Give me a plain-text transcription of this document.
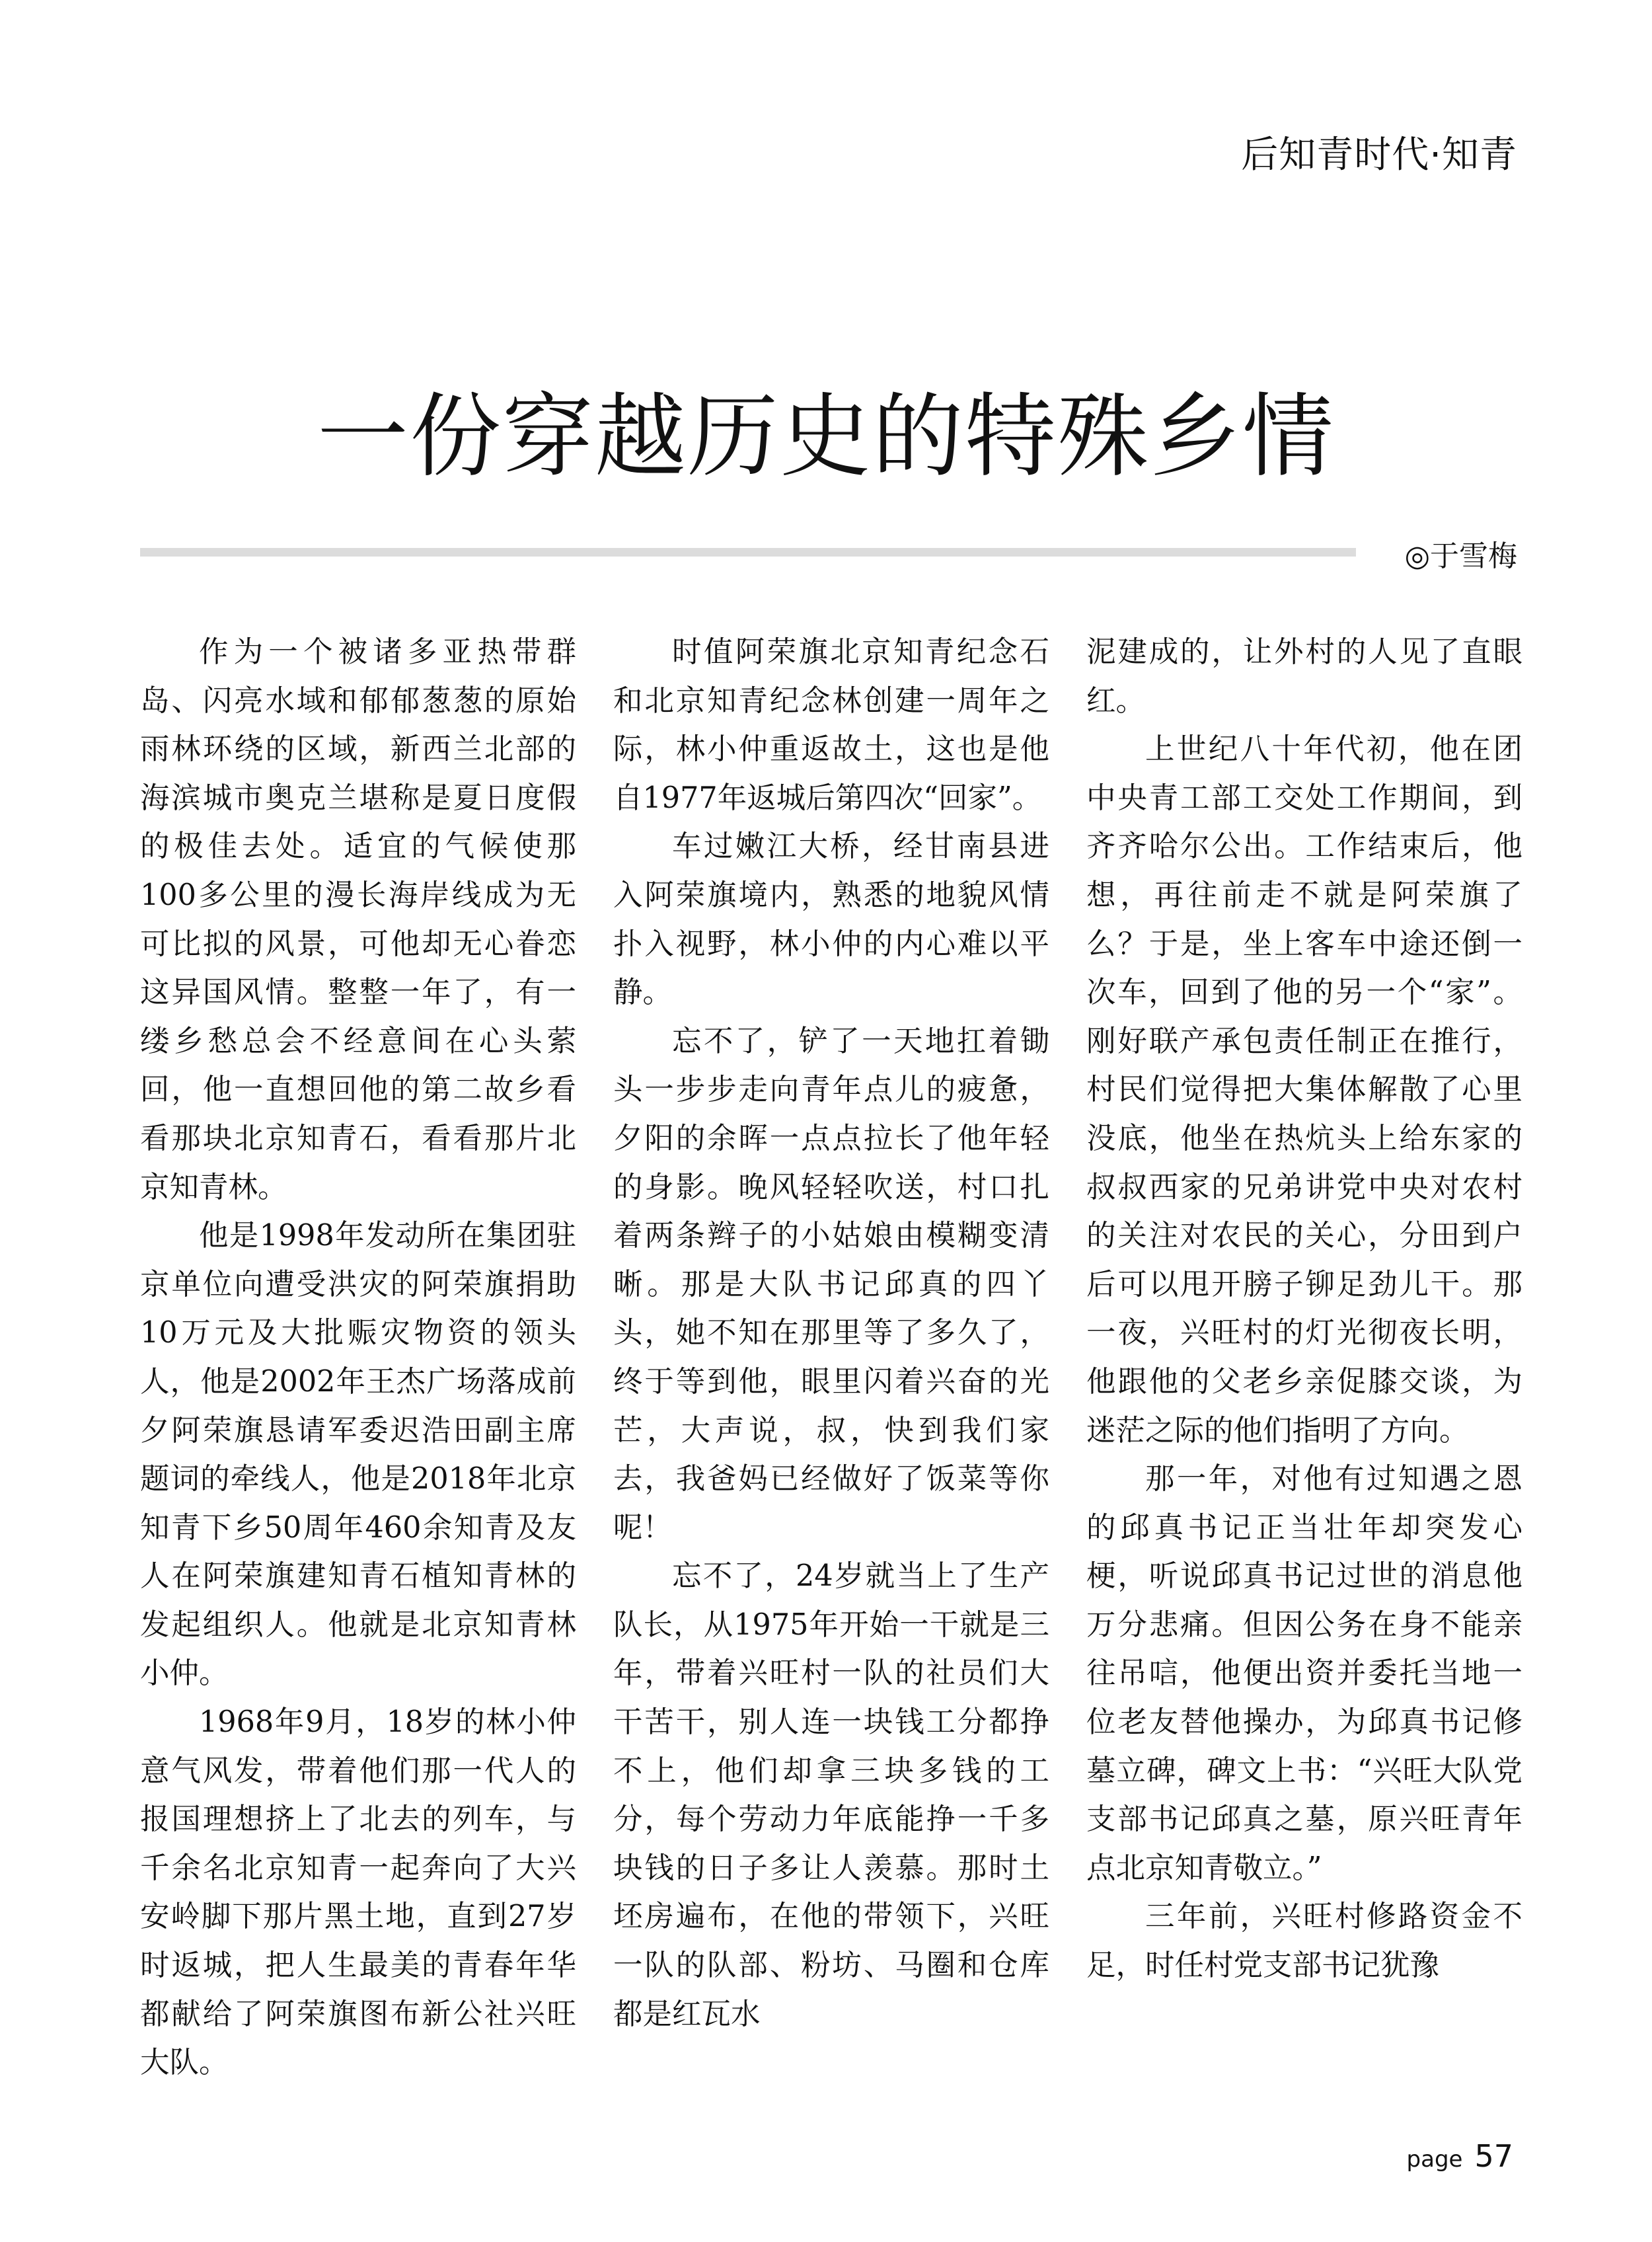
后知青时代·知青
一份穿越历史的特殊乡情
◎于雪梅

作为一个被诸多亚热带群岛、闪亮水域和郁郁葱葱的原始雨林环绕的区域，新西兰北部的海滨城市奥克兰堪称是夏日度假的极佳去处。适宜的气候使那100多公里的漫长海岸线成为无可比拟的风景，可他却无心眷恋这异国风情。整整一年了，有一缕乡愁总会不经意间在心头萦回，他一直想回他的第二故乡看看那块北京知青石，看看那片北京知青林。

他是1998年发动所在集团驻京单位向遭受洪灾的阿荣旗捐助10万元及大批赈灾物资的领头人，他是2002年王杰广场落成前夕阿荣旗恳请军委迟浩田副主席题词的牵线人，他是2018年北京知青下乡50周年460余知青及友人在阿荣旗建知青石植知青林的发起组织人。他就是北京知青林小仲。

1968年9月，18岁的林小仲意气风发，带着他们那一代人的报国理想挤上了北去的列车，与千余名北京知青一起奔向了大兴安岭脚下那片黑土地，直到27岁时返城，把人生最美的青春年华都献给了阿荣旗图布新公社兴旺大队。

时值阿荣旗北京知青纪念石和北京知青纪念林创建一周年之际，林小仲重返故土，这也是他自1977年返城后第四次“回家”。

车过嫩江大桥，经甘南县进入阿荣旗境内，熟悉的地貌风情扑入视野，林小仲的内心难以平静。

忘不了，铲了一天地扛着锄头一步步走向青年点儿的疲惫，夕阳的余晖一点点拉长了他年轻的身影。晚风轻轻吹送，村口扎着两条辫子的小姑娘由模糊变清晰。那是大队书记邱真的四丫头，她不知在那里等了多久了，终于等到他，眼里闪着兴奋的光芒，大声说，叔，快到我们家去，我爸妈已经做好了饭菜等你呢！

忘不了，24岁就当上了生产队长，从1975年开始一干就是三年，带着兴旺村一队的社员们大干苦干，别人连一块钱工分都挣不上，他们却拿三块多钱的工分，每个劳动力年底能挣一千多块钱的日子多让人羡慕。那时土坯房遍布，在他的带领下，兴旺一队的队部、粉坊、马圈和仓库都是红瓦水

泥建成的，让外村的人见了直眼红。

上世纪八十年代初，他在团中央青工部工交处工作期间，到齐齐哈尔公出。工作结束后，他想，再往前走不就是阿荣旗了么？于是，坐上客车中途还倒一次车，回到了他的另一个“家”。刚好联产承包责任制正在推行，村民们觉得把大集体解散了心里没底，他坐在热炕头上给东家的叔叔西家的兄弟讲党中央对农村的关注对农民的关心，分田到户后可以甩开膀子铆足劲儿干。那一夜，兴旺村的灯光彻夜长明，他跟他的父老乡亲促膝交谈，为迷茫之际的他们指明了方向。

那一年，对他有过知遇之恩的邱真书记正当壮年却突发心梗，听说邱真书记过世的消息他万分悲痛。但因公务在身不能亲往吊唁，他便出资并委托当地一位老友替他操办，为邱真书记修墓立碑，碑文上书：“兴旺大队党支部书记邱真之墓，原兴旺青年点北京知青敬立。”

三年前，兴旺村修路资金不足，时任村党支部书记犹豫

page 57
